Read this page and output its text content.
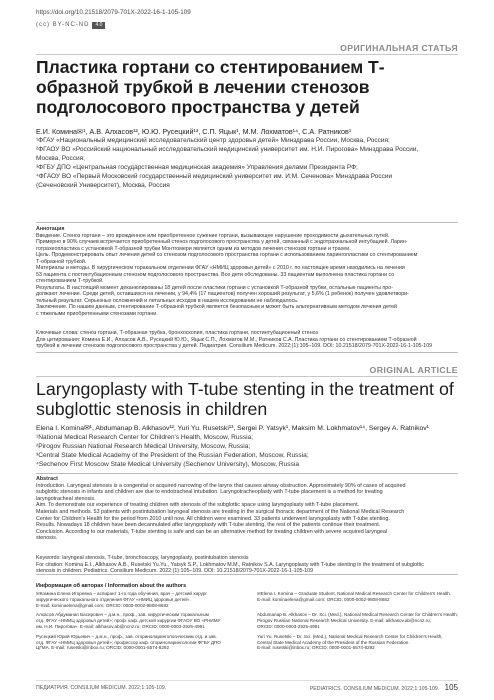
https://doi.org/10.21518/2079-701X-2022-16-1-105-109
(cc) BY-NC-ND	4.0
ОРИГИНАЛЬНАЯ СТАТЬЯ
Пластика гортани со стентированием Т-образной трубкой в лечении стенозов подголосового пространства у детей
Е.И. Комина✉¹, А.В. Алхасов¹², Ю.Ю. Русецкий¹³, С.П. Яцык¹, М.М. Лохматов¹⁴, С.А. Ратников¹
¹ФГАУ «Национальный медицинский исследовательский центр здоровья детей» Минздрава России, Москва, Россия;
²ФГАОУ ВО «Российский национальный исследовательский медицинский университет им. Н.И. Пирогова» Минздрава России,
Москва, Россия;
³ФГБУ ДПО «Центральная государственная медицинская академия» Управления делами Президента РФ;
⁴ФГАОУ ВО «Первый Московский государственный медицинский университет им. И.М. Сеченова» Минздрава России
(Сеченовский Университет), Москва, Россия
Аннотация
Введение. Стеноз гортани – это врожденное или приобретенное сужение гортани, вызывающее нарушение проходимости дыхательных путей.
Примерно в 90% случаев встречается приобретенный стеноз подголосового пространства у детей, связанный с эндотрахеальной интубацией. Ларин-
готрахеопластика с установкой Т-образной трубки Монтгомери является одним из методов лечения стенозов гортани и трахеи.
Цель. Продемонстрировать опыт лечения детей со стенозом подголосового пространства гортани с использованием ларингопластики со стентированием
Т-образной трубкой.
Материалы и методы. В хирургическом торакальном отделении ФГАУ «НМИЦ здоровья детей» с 2010 г. по настоящее время находились на лечении
53 пациента с постинтубационным стенозом подголосового пространства. Все дети обследованы. 33 пациентам выполнена пластика гортани со
стентированием Т-трубкой.
Результаты. В настоящий момент деканюлированы 18 детей после пластики гортани с установкой Т-образной трубки, остальные пациенты про-
должают лечение. Среди детей, оставшихся на лечении, у 94,4% (17 пациентов) получен хороший результат, у 5,6% (1 ребенок) получен удовлетвори-
тельный результат. Серьезных осложнений и летальных исходов в нашем исследовании не наблюдалось.
Заключение. По нашим данным, стентирование Т-образной трубкой является безопасным и может быть альтернативным методом лечения детей
с тяжелыми приобретенными стенозами гортани.
Ключевые слова: стеноз гортани, Т-образная трубка, бронхоскопия, пластика гортани, постинтубационный стеноз
Для цитирования: Комина Е.И., Алхасов А.В., Русецкий Ю.Ю., Яцык С.П., Лохматов М.М., Ратников С.А. Пластика гортани со стентированием Т-образной
трубкой в лечении стенозов подголосового пространства у детей. Педиатрия. Consilium Medicum. 2022;(1):105–109. DOI: 10.21518/2079-701X-2022-16-1-105-109
ORIGINAL ARTICLE
Laryngoplasty with T-tube stenting in the treatment of subglottic stenosis in children
Elena I. Komina✉¹, Abdumanap B. Alkhasov¹², Yuri Yu. Rusetski¹³, Sergei P. Yatsyk¹, Maksim M. Lokhmatov¹⁴, Sergey A. Ratnikov¹
¹National Medical Research Center for Children's Health, Moscow, Russia;
²Pirogov Russian National Research Medical University, Moscow, Russia;
³Central State Medical Academy of the President of the Russian Federation, Moscow, Russia;
⁴Sechenov First Moscow State Medical University (Sechenov University), Moscow, Russia
Abstract
Introduction. Laryngeal stenosis is a congenital or acquired narrowing of the larynx that causes airway obstruction. Approximately 90% of cases of acquired
subglottic stenosis in infants and children are due to endotracheal intubation. Laryngotracheoplasty with T-tube placement is a method for treating
laryngotracheal stenosis.
Aim. To demonstrate our experience of treating children with stenosis of the subglottic space using laryngoplasty with T-tube placement.
Materials and methods. 53 patients with postintubation laryngeal stenosis are treating in the surgical thoracic department of the National Medical Research
Center for Children's Health for the period from 2010 until now. All children were examined. 33 patients underwent laryngoplasty with T-tube stenting.
Results. Nowadays 18 children have been decannulated after laryngoplasty with T-tube stenting, the rest of the patients continue their treatment.
Conclusion. According to our materials, T-tube stenting is safe and can be an alternative method for treating children with severe acquired laryngeal
stenosis.
Keywords: laryngeal stenosis, T-tube, bronchoscopy, laryngoplasty, postintubation stenosis
For citation: Komina E.I., Alkhasov A.B., Rusetski Yu.Yu., Yatsyk S.P., Lokhmatov M.M., Ratnikov S.A. Laryngoplasty with T-tube stenting in the treatment of subglottic
stenosis in children. Pediatrics. Consilium Medicum. 2022;(1):105–109. DOI: 10.21518/2079-701X-2022-16-1-105-109
Информация об авторах / Information about the authors
✉Комина Елена Игоревна – аспирант 1-го года обучения, врач – детский хирург
хирургического торакального отделения ФГАУ «НМИЦ здоровья детей».
E-mail: kominaelena@gmail.com; ORCID: 0000-0002-9808-8682
✉Elena I. Komina – Graduate Student, National Medical Research Center for Children's Health.
E-mail: kominaelena@gmail.com; ORCID: 0000-0002-9808-8682
Алхасов Абдуманап Басирович – д.м.н., проф., зав. хирургическим торакальным
отд. ФГАУ «НМИЦ здоровья детей»; проф. каф. детской хирургии ФГАОУ ВО «РНИМУ
им. Н.И. Пирогова». E-mail: alkhasov.ab@ncnz.ru; ORCID: 0000-0003-2925-4991
Abdumanap B. Alkhasov – Dr. Sci. (Med.), National Medical Research Center for Children's Health;
Pirogov Russian National Research Medical University. E-mail: alkhasov.ab@ncnz.ru;
ORCID: 0000-0003-2925-4991
Русецкий Юрий Юрьевич – д.м.н., проф., зав. оториноларингологическим отд. и зав.
отд. ФГАУ «НМИЦ здоровья детей»; профессор каф. оториноларингологии ФГБУ ДПО
ЦГМА. E-mail: rusetski@inbox.ru; ORCID: 0000-0001-5574-8292
Yuri Yu. Rusetski – Dr. Sci. (Med.), National Medical Research Center for Children's Health,
Central State Medical Academy of the President of the Russian Federation.
E-mail: rusetski@inbox.ru; ORCID: 0000-0001-5574-8292
ПЕДИАТРИЯ. CONSILIUM MEDICUM. 2022;1:105-109.	PEDIATRICS. CONSILIUM MEDICUM. 2022;1:105-109. 105
